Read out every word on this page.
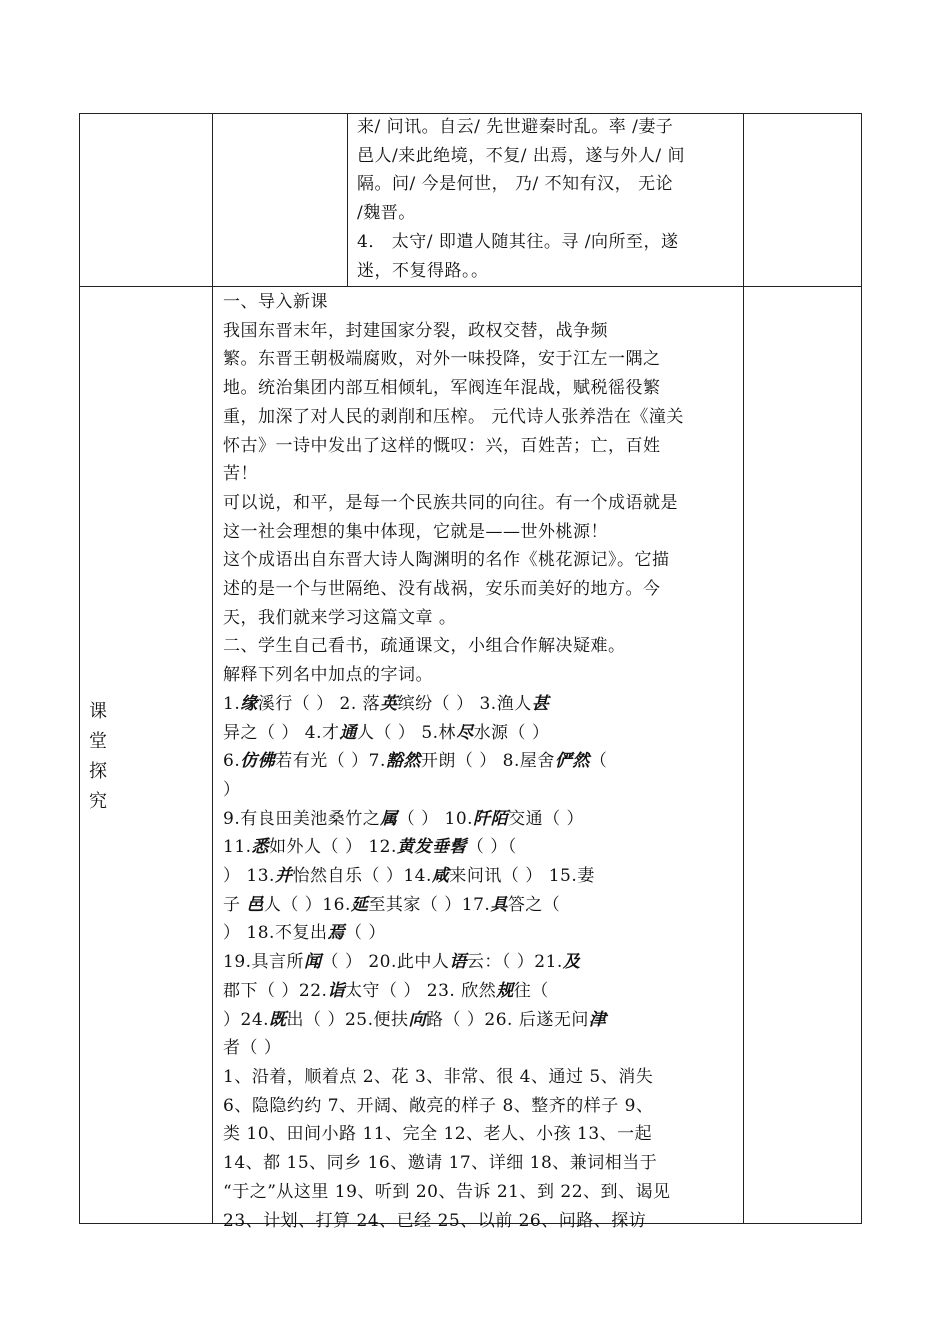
来/ 问讯。自云/ 先世避秦时乱。率 /妻子

邑人/来此绝境，不复/ 出焉，遂与外人/ 间

隔。问/ 今是何世， 乃/ 不知有汉， 无论

/魏晋。

4． 太守/ 即遣人随其往。寻 /向所至，遂

迷，不复得路。。

课
堂
探
究

一、导入新课

我国东晋末年，封建国家分裂，政权交替，战争频

繁。东晋王朝极端腐败，对外一味投降，安于江左一隅之

地。统治集团内部互相倾轧，军阀连年混战，赋税徭役繁

重，加深了对人民的剥削和压榨。 元代诗人张养浩在《潼关

怀古》一诗中发出了这样的慨叹：兴，百姓苦；亡，百姓

苦！

可以说，和平，是每一个民族共同的向往。有一个成语就是

这一社会理想的集中体现，它就是——世外桃源！

这个成语出自东晋大诗人陶渊明的名作《桃花源记》。它描

述的是一个与世隔绝、没有战祸，安乐而美好的地方。今

天，我们就来学习这篇文章 。

二、学生自己看书，疏通课文，小组合作解决疑难。

解释下列名中加点的字词。

1.缘溪行（ ） 2. 落英缤纷（ ） 3.渔人甚

异之（ ） 4.才通人（ ） 5.林尽水源（ ）

6.仿佛若有光（ ）7.豁然开朗（ ） 8.屋舍俨然（

）

9.有良田美池桑竹之属（ ） 10.阡陌交通（ ）

11.悉如外人（ ） 12.黄发垂髫（ ）（

） 13.并怡然自乐（ ）14.咸来问讯（ ） 15.妻

子 邑人（ ）16.延至其家（ ）17.具答之（

） 18.不复出焉（ ）

19.具言所闻（ ） 20.此中人语云：（ ）21.及

郡下（ ）22.诣太守（ ） 23. 欣然规往（

）24.既出（ ）25.便扶向路（ ）26. 后遂无问津

者（ ）

1、沿着，顺着点 2、花 3、非常、很 4、通过 5、消失

6、隐隐约约 7、开阔、敞亮的样子 8、整齐的样子 9、

类 10、田间小路 11、完全 12、老人、小孩 13、一起

14、都 15、同乡 16、邀请 17、详细 18、兼词相当于

“于之”从这里 19、听到 20、告诉 21、到 22、到、谒见

23、计划、打算 24、已经 25、以前 26、问路、探访
